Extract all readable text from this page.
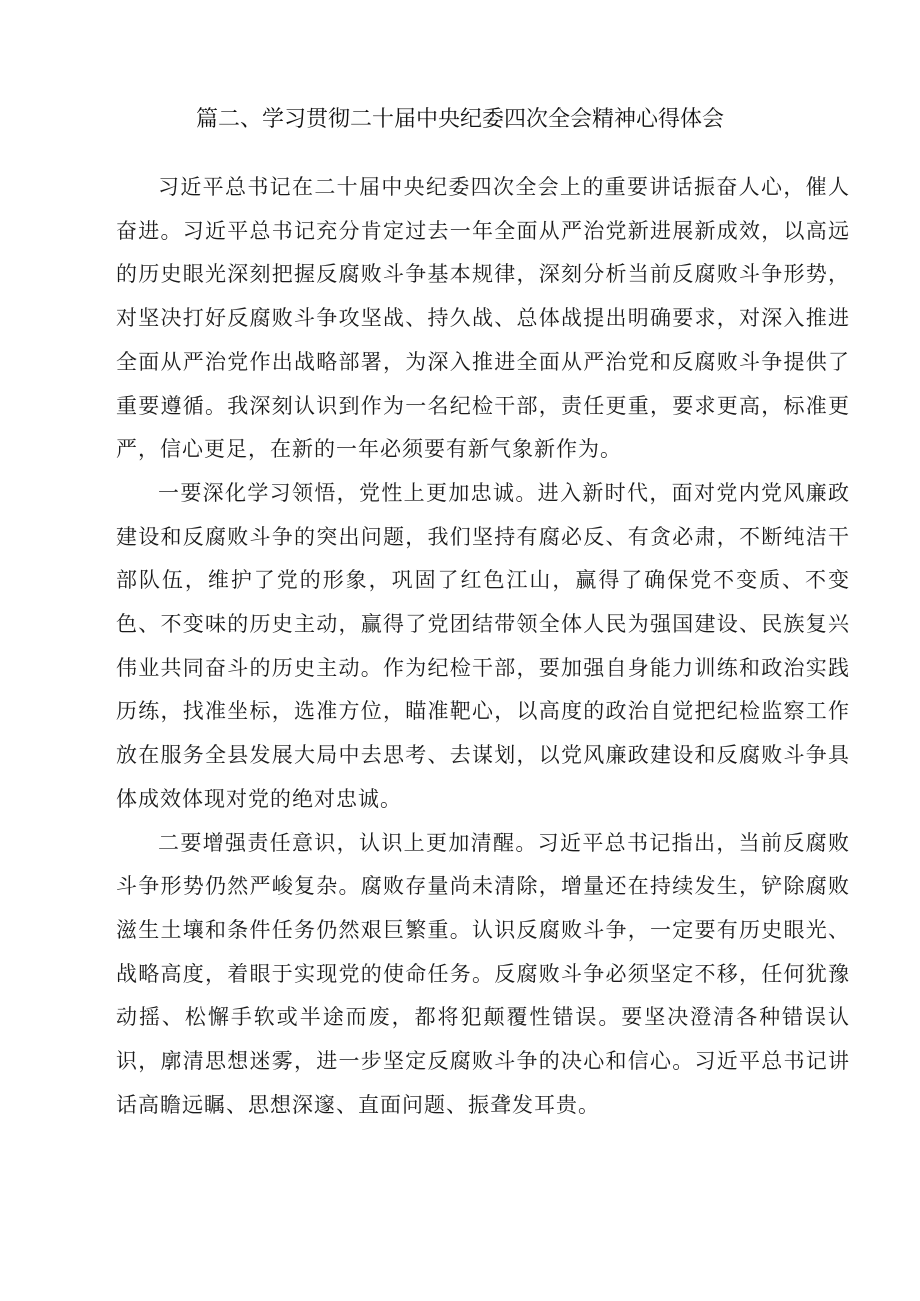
篇二、学习贯彻二十届中央纪委四次全会精神心得体会

习近平总书记在二十届中央纪委四次全会上的重要讲话振奋人心，催人奋进。习近平总书记充分肯定过去一年全面从严治党新进展新成效，以高远的历史眼光深刻把握反腐败斗争基本规律，深刻分析当前反腐败斗争形势，对坚决打好反腐败斗争攻坚战、持久战、总体战提出明确要求，对深入推进全面从严治党作出战略部署，为深入推进全面从严治党和反腐败斗争提供了重要遵循。我深刻认识到作为一名纪检干部，责任更重，要求更高，标准更严，信心更足，在新的一年必须要有新气象新作为。

一要深化学习领悟，党性上更加忠诚。进入新时代，面对党内党风廉政建设和反腐败斗争的突出问题，我们坚持有腐必反、有贪必肃，不断纯洁干部队伍，维护了党的形象，巩固了红色江山，赢得了确保党不变质、不变色、不变味的历史主动，赢得了党团结带领全体人民为强国建设、民族复兴伟业共同奋斗的历史主动。作为纪检干部，要加强自身能力训练和政治实践历练，找准坐标，选准方位，瞄准靶心，以高度的政治自觉把纪检监察工作放在服务全县发展大局中去思考、去谋划，以党风廉政建设和反腐败斗争具体成效体现对党的绝对忠诚。

二要增强责任意识，认识上更加清醒。习近平总书记指出，当前反腐败斗争形势仍然严峻复杂。腐败存量尚未清除，增量还在持续发生，铲除腐败滋生土壤和条件任务仍然艰巨繁重。认识反腐败斗争，一定要有历史眼光、战略高度，着眼于实现党的使命任务。反腐败斗争必须坚定不移，任何犹豫动摇、松懈手软或半途而废，都将犯颠覆性错误。要坚决澄清各种错误认识，廓清思想迷雾，进一步坚定反腐败斗争的决心和信心。习近平总书记讲话高瞻远瞩、思想深邃、直面问题、振聋发耳贵。
